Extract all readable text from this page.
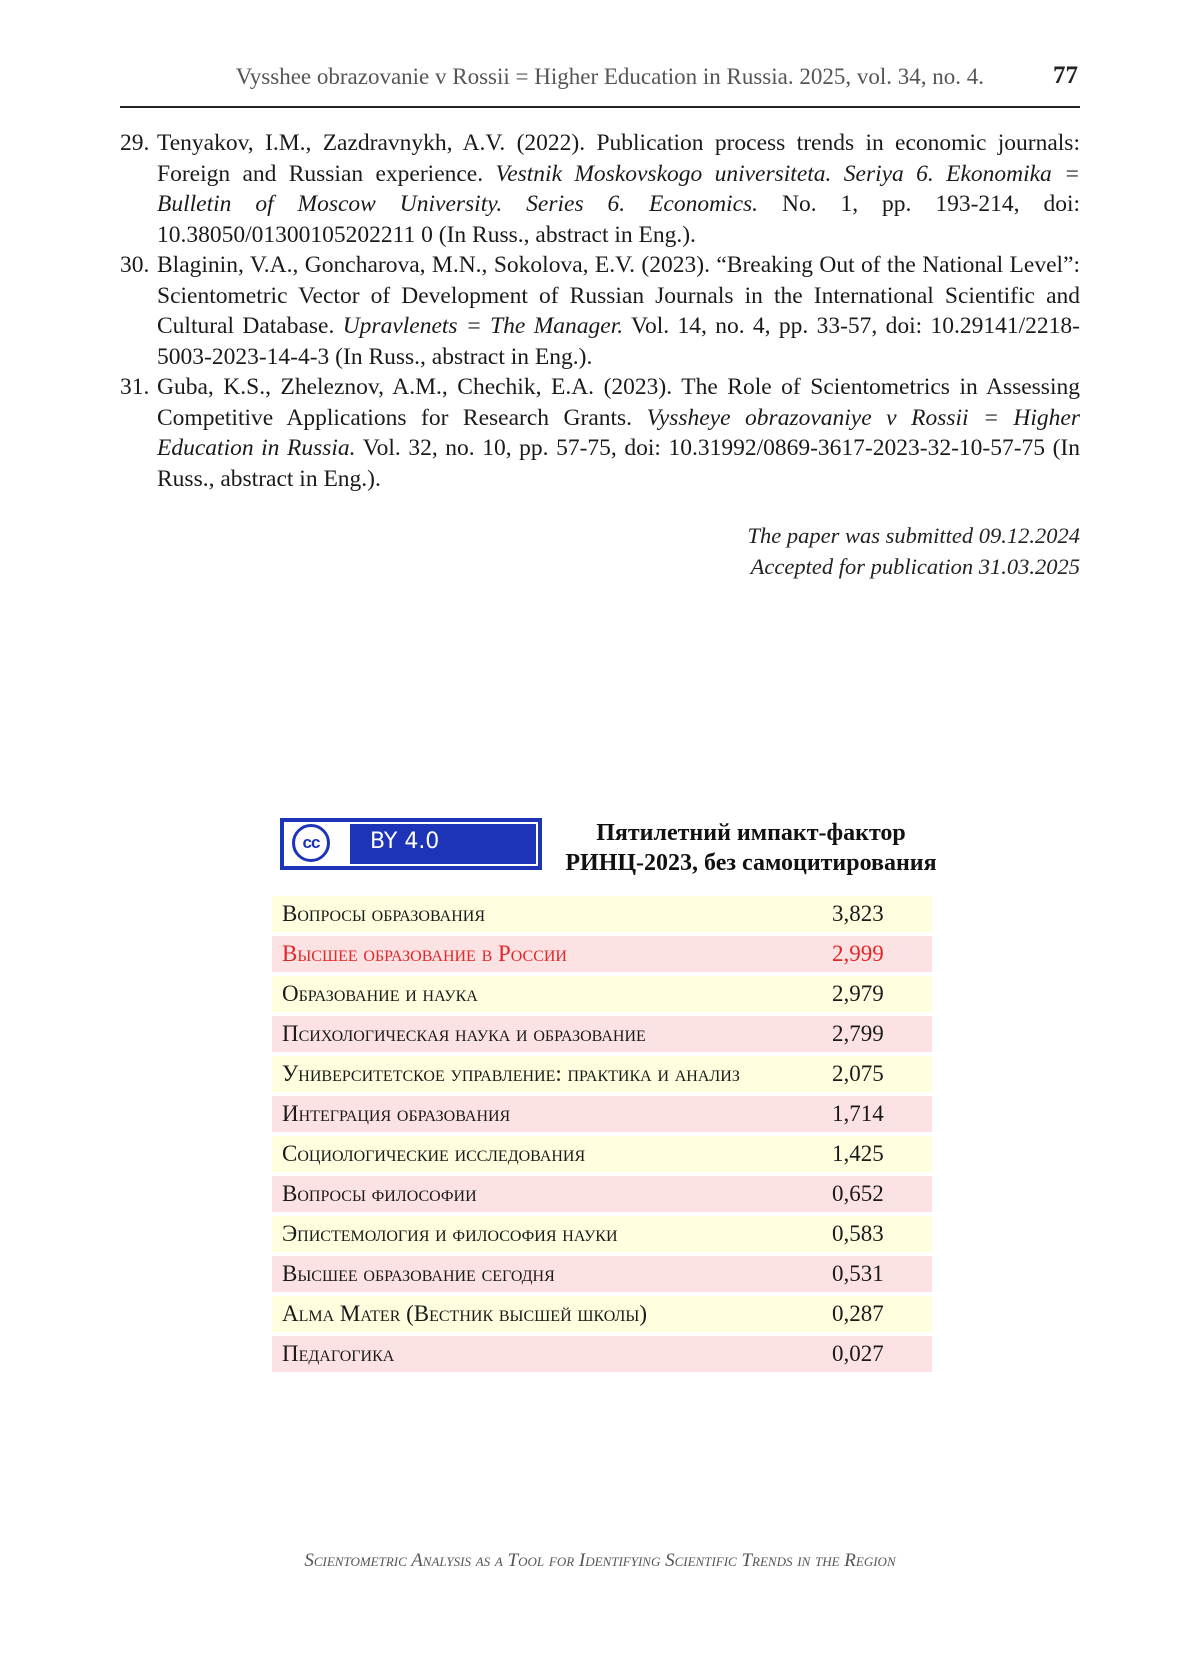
Vysshee obrazovanie v Rossii = Higher Education in Russia. 2025, vol. 34, no. 4.	77

29. Tenyakov, I.M., Zazdravnykh, A.V. (2022). Publication process trends in economic journals: Foreign and Russian experience. Vestnik Moskovskogo universiteta. Seriya 6. Ekonomika = Bulletin of Moscow University. Series 6. Economics. No. 1, pp. 193-214, doi: 10.38050/01300105202211 0 (In Russ., abstract in Eng.).

30. Blaginin, V.A., Goncharova, M.N., Sokolova, E.V. (2023). “Breaking Out of the National Level”: Scientometric Vector of Development of Russian Journals in the International Scientific and Cultural Database. Upravlenets = The Manager. Vol. 14, no. 4, pp. 33-57, doi: 10.29141/2218-5003-2023-14-4-3 (In Russ., abstract in Eng.).

31. Guba, K.S., Zheleznov, A.M., Chechik, E.A. (2023). The Role of Scientometrics in Assessing Competitive Applications for Research Grants. Vysshеye obrazovaniye v Rossii = Higher Education in Russia. Vol. 32, no. 10, pp. 57-75, doi: 10.31992/0869-3617-2023-32-10-57-75 (In Russ., abstract in Eng.).

The paper was submitted 09.12.2024
Accepted for publication 31.03.2025
cc	BY 4.0	Пятилетний импакт-фактор
РИНЦ-2023, без самоцитирования
Вопросы образования	3,823
Высшее образование в России	2,999
Образование и наука	2,979
Психологическая наука и образование	2,799
Университетское управление: практика и анализ	2,075
Интеграция образования	1,714
Социологические исследования	1,425
Вопросы философии	0,652
Эпистемология и философия науки	0,583
Высшее образование сегодня	0,531
Alma Mater (Вестник высшей школы)	0,287
Педагогика	0,027
Scientometric Analysis as a Tool for Identifying Scientific Trends in the Region
